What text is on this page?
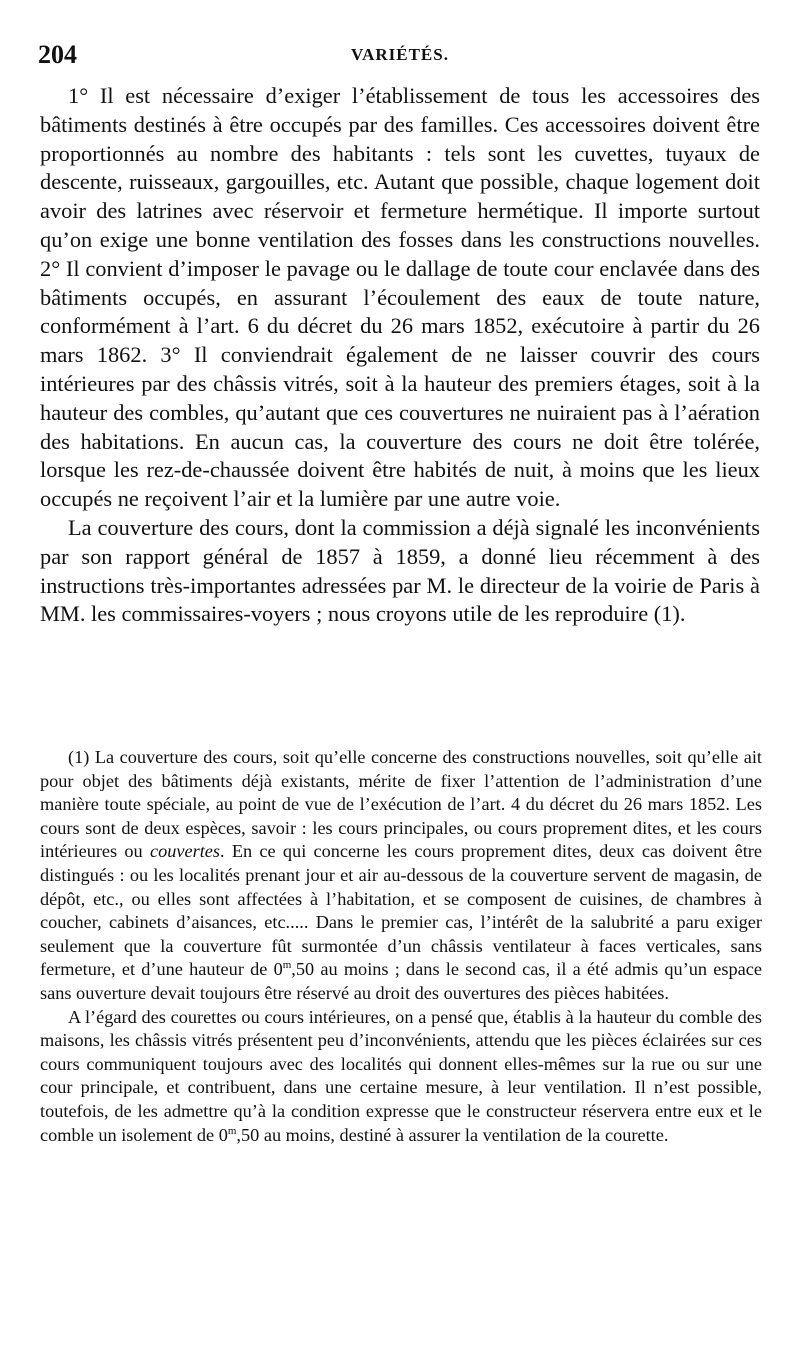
204	VARIÉTÉS.

1° Il est nécessaire d’exiger l’établissement de tous les accessoires des bâtiments destinés à être occupés par des familles. Ces accessoires doivent être proportionnés au nombre des habitants : tels sont les cuvettes, tuyaux de descente, ruisseaux, gargouilles, etc. Autant que possible, chaque logement doit avoir des latrines avec réservoir et fermeture hermétique. Il importe surtout qu’on exige une bonne ventilation des fosses dans les constructions nouvelles. 2° Il convient d’imposer le pavage ou le dallage de toute cour enclavée dans des bâtiments occupés, en assurant l’écoulement des eaux de toute nature, conformément à l’art. 6 du décret du 26 mars 1852, exécutoire à partir du 26 mars 1862. 3° Il conviendrait également de ne laisser couvrir des cours intérieures par des châssis vitrés, soit à la hauteur des premiers étages, soit à la hauteur des combles, qu’autant que ces couvertures ne nuiraient pas à l’aération des habitations. En aucun cas, la couverture des cours ne doit être tolérée, lorsque les rez-de-chaussée doivent être habités de nuit, à moins que les lieux occupés ne reçoivent l’air et la lumière par une autre voie.

La couverture des cours, dont la commission a déjà signalé les inconvénients par son rapport général de 1857 à 1859, a donné lieu récemment à des instructions très-importantes adressées par M. le directeur de la voirie de Paris à MM. les commissaires-voyers ; nous croyons utile de les reproduire (1).

(1) La couverture des cours, soit qu’elle concerne des constructions nouvelles, soit qu’elle ait pour objet des bâtiments déjà existants, mérite de fixer l’attention de l’administration d’une manière toute spéciale, au point de vue de l’exécution de l’art. 4 du décret du 26 mars 1852. Les cours sont de deux espèces, savoir : les cours principales, ou cours proprement dites, et les cours intérieures ou couvertes. En ce qui concerne les cours proprement dites, deux cas doivent être distingués : ou les localités prenant jour et air au-dessous de la couverture servent de magasin, de dépôt, etc., ou elles sont affectées à l’habitation, et se composent de cuisines, de chambres à coucher, cabinets d’aisances, etc..... Dans le premier cas, l’intérêt de la salubrité a paru exiger seulement que la couverture fût surmontée d’un châssis ventilateur à faces verticales, sans fermeture, et d’une hauteur de 0$^m$,50 au moins ; dans le second cas, il a été admis qu’un espace sans ouverture devait toujours être réservé au droit des ouvertures des pièces habitées.

A l’égard des courettes ou cours intérieures, on a pensé que, établis à la hauteur du comble des maisons, les châssis vitrés présentent peu d’inconvénients, attendu que les pièces éclairées sur ces cours communiquent toujours avec des localités qui donnent elles-mêmes sur la rue ou sur une cour principale, et contribuent, dans une certaine mesure, à leur ventilation. Il n’est possible, toutefois, de les admettre qu’à la condition expresse que le constructeur réservera entre eux et le comble un isolement de 0$^m$,50 au moins, destiné à assurer la ventilation de la courette.
